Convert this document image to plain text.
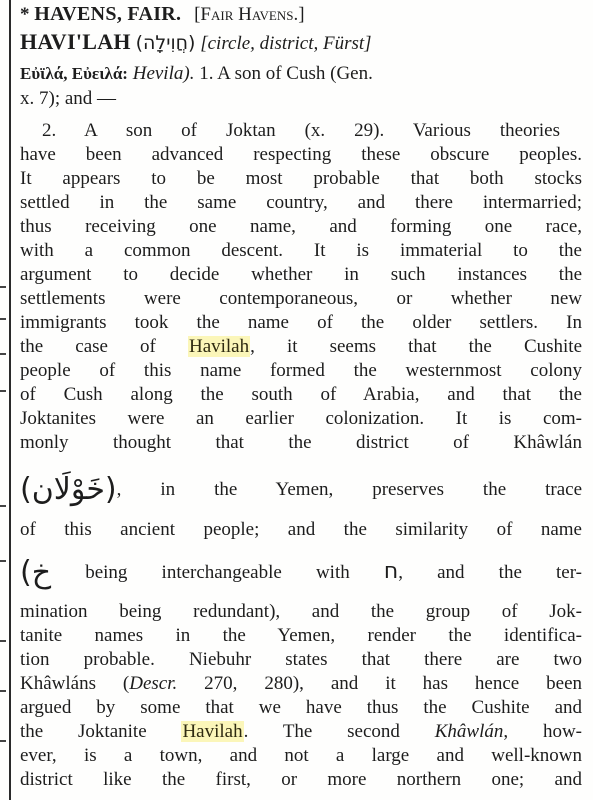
* HAVENS, FAIR. [Fair Havens.]
HAVI'LAH (חֲוִילָה) [circle, district, Fürst]
Εὐϊλά, Εὐειλά: Hevila). 1. A son of Cush (Gen.
x. 7); and —
2. A son of Joktan (x. 29). Various theories
have been advanced respecting these obscure peoples.
It appears to be most probable that both stocks
settled in the same country, and there intermarried;
thus receiving one name, and forming one race,
with a common descent. It is immaterial to the
argument to decide whether in such instances the
settlements were contemporaneous, or whether new
immigrants took the name of the older settlers. In
the case of Havilah, it seems that the Cushite
people of this name formed the westernmost colony
of Cush along the south of Arabia, and that the
Joktanites were an earlier colonization. It is com-
monly thought that the district of Khâwlán
(خَوْلَان), in the Yemen, preserves the trace
of this ancient people; and the similarity of name
(خ being interchangeable with ח, and the ter-
mination being redundant), and the group of Jok-
tanite names in the Yemen, render the identifica-
tion probable. Niebuhr states that there are two
Khâwláns (Descr. 270, 280), and it has hence been
argued by some that we have thus the Cushite and
the Joktanite Havilah. The second Khâwlán, how-
ever, is a town, and not a large and well-known
district like the first, or more northern one; and
